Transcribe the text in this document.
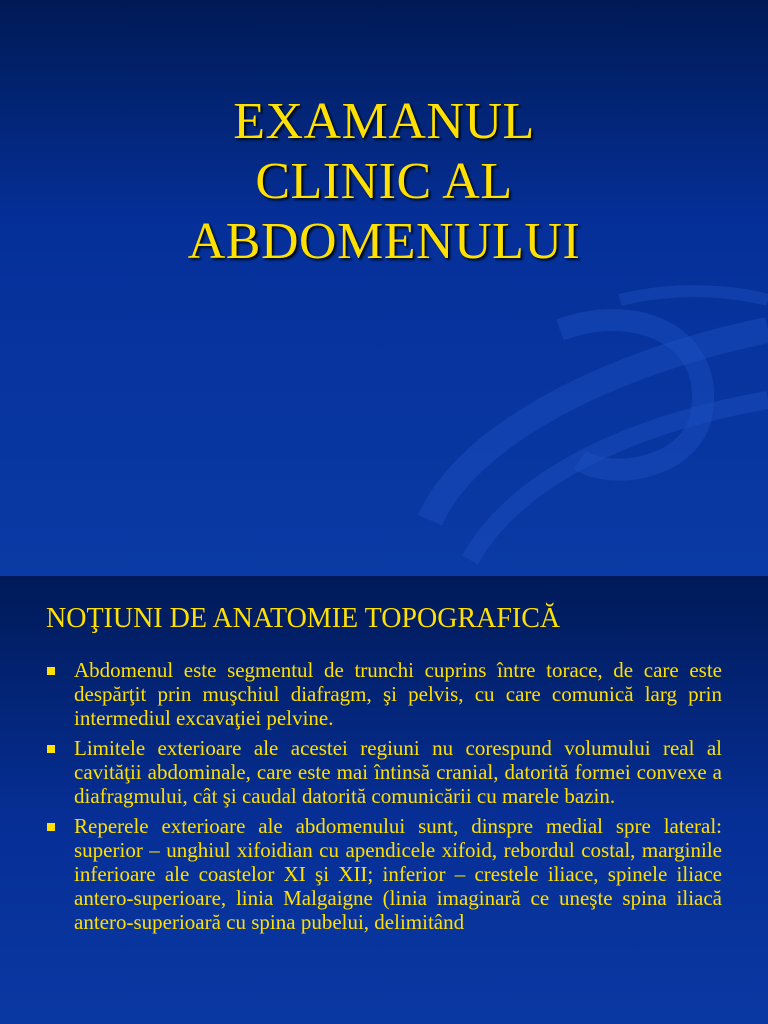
EXAMANUL
CLINIC AL
ABDOMENULUI
NOŢIUNI DE ANATOMIE TOPOGRAFICĂ
Abdomenul este segmentul de trunchi cuprins între torace, de care este despărţit prin muşchiul diafragm, şi pelvis, cu care comunică larg prin intermediul excavaţiei pelvine.
Limitele exterioare ale acestei regiuni nu corespund volumului real al cavităţii abdominale, care este mai întinsă cranial, datorită formei convexe a diafragmului, cât şi caudal datorită comunicării cu marele bazin.
Reperele exterioare ale abdomenului sunt, dinspre medial spre lateral: superior – unghiul xifoidian cu apendicele xifoid, rebordul costal, marginile inferioare ale coastelor XI şi XII; inferior – crestele iliace, spinele iliace antero-superioare, linia Malgaigne (linia imaginară ce uneşte spina iliacă antero-superioară cu spina pubelui, delimitând
